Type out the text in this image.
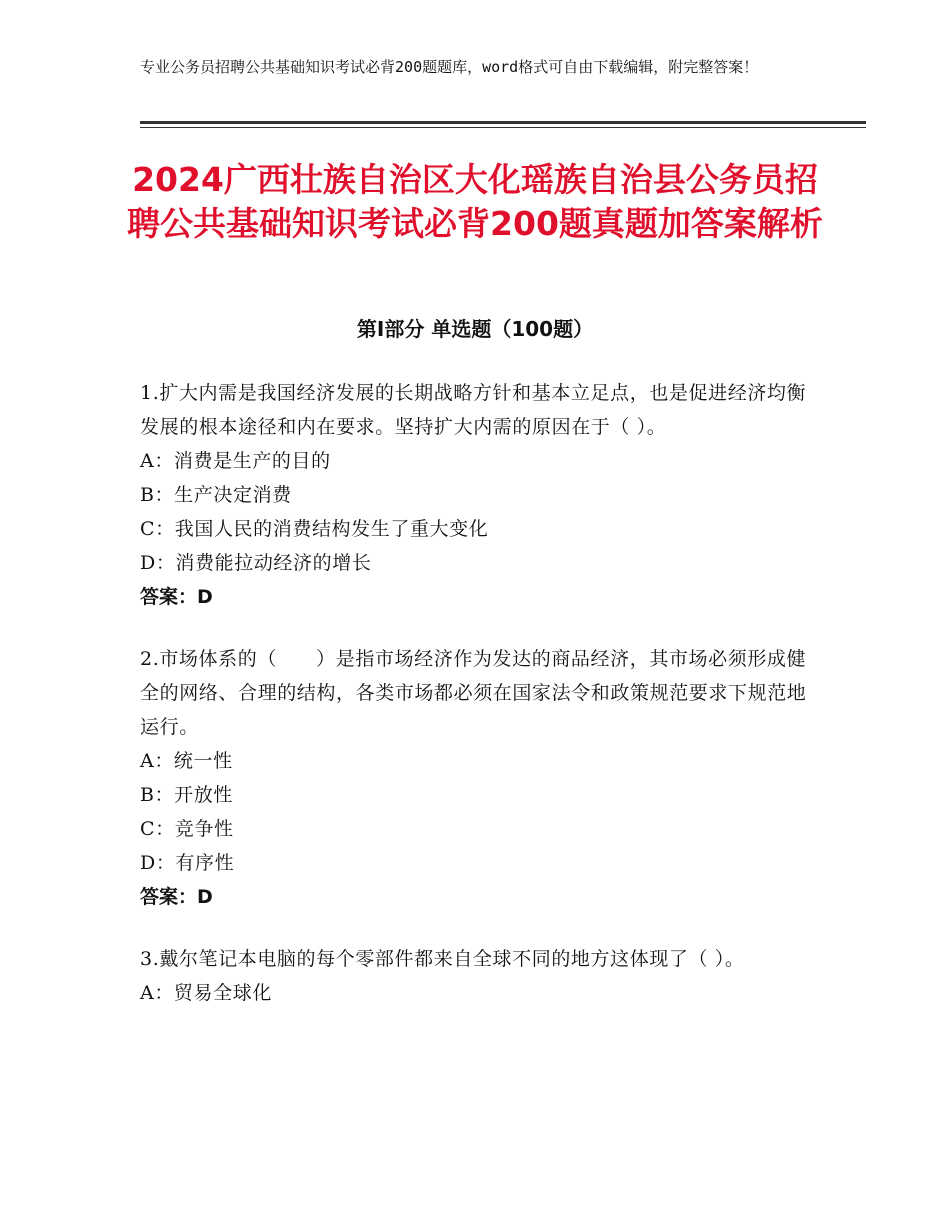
专业公务员招聘公共基础知识考试必背200题题库，word格式可自由下载编辑，附完整答案！
2024广西壮族自治区大化瑶族自治县公务员招聘公共基础知识考试必背200题真题加答案解析
第Ⅰ部分 单选题（100题）
1.扩大内需是我国经济发展的长期战略方针和基本立足点，也是促进经济均衡发展的根本途径和内在要求。坚持扩大内需的原因在于（ ）。
A：消费是生产的目的
B：生产决定消费
C：我国人民的消费结构发生了重大变化
D：消费能拉动经济的增长
答案：D
2.市场体系的（　　）是指市场经济作为发达的商品经济，其市场必须形成健全的网络、合理的结构，各类市场都必须在国家法令和政策规范要求下规范地运行。
A：统一性
B：开放性
C：竞争性
D：有序性
答案：D
3.戴尔笔记本电脑的每个零部件都来自全球不同的地方这体现了（ ）。
A：贸易全球化
